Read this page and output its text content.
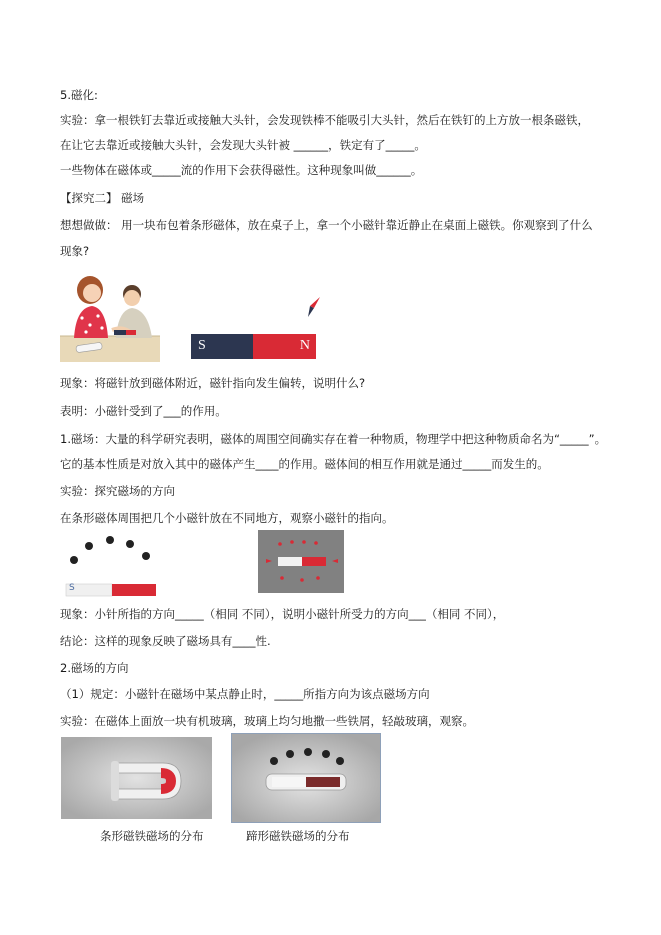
5.磁化:
实验：拿一根铁钉去靠近或接触大头针，会发现铁棒不能吸引大头针，然后在铁钉的上方放一根条磁铁，
在让它去靠近或接触大头针，会发现大头针被 ______，铁定有了_____。
一些物体在磁体或_____流的作用下会获得磁性。这种现象叫做______。
【探究二】 磁场
想想做做： 用一块布包着条形磁体，放在桌子上，拿一个小磁针靠近静止在桌面上磁铁。你观察到了什么
现象?
S	N
现象：将磁针放到磁体附近，磁针指向发生偏转，说明什么?
表明：小磁针受到了___的作用。
1.磁场：大量的科学研究表明，磁体的周围空间确实存在着一种物质，物理学中把这种物质命名为“_____”。
它的基本性质是对放入其中的磁体产生____的作用。磁体间的相互作用就是通过_____而发生的。
实验：探究磁场的方向
在条形磁体周围把几个小磁针放在不同地方，观察小磁针的指向。
S
现象：小针所指的方向_____（相同 不同），说明小磁针所受力的方向___（相同 不同），
结论：这样的现象反映了磁场具有____性.
2.磁场的方向
（1）规定：小磁针在磁场中某点静止时，_____所指方向为该点磁场方向
实验：在磁体上面放一块有机玻璃，玻璃上均匀地撒一些铁屑，轻敲玻璃，观察。
条形磁铁磁场的分布	蹄形磁铁磁场的分布
